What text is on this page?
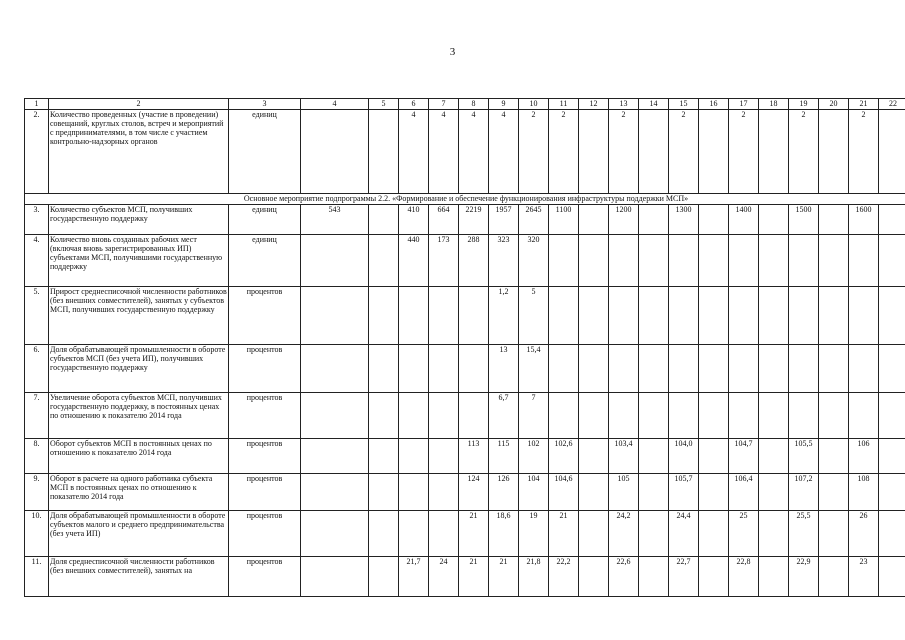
3
1	2	3	4	5	6	7	8	9	10	11	12	13	14	15	16	17	18	19	20	21	22
2.	Количество проведенных (участие в проведении) совещаний, круглых столов, встреч и мероприятий с предпринимателями, в том числе с участием контрольно-надзорных органов	единиц			4	4	4	4	2	2		2		2		2		2		2	
Основное мероприятие подпрограммы 2.2. «Формирование и обеспечение функционирования инфраструктуры поддержки МСП»																					
3.	Количество субъектов МСП, получивших государственную поддержку	единиц	543		410	664	2219	1957	2645	1100		1200		1300		1400		1500		1600	
4.	Количество вновь созданных рабочих мест (включая вновь зарегистрированных ИП) субъектами МСП, получившими государственную поддержку	единиц			440	173	288	323	320												
5.	Прирост среднесписочной численности работников (без внешних совместителей), занятых у субъектов МСП, получивших государственную поддержку	процентов						1,2	5												
6.	Доля обрабатывающей промышленности в обороте субъектов МСП (без учета ИП), получивших государственную поддержку	процентов						13	15,4												
7.	Увеличение оборота субъектов МСП, получивших государственную поддержку, в постоянных ценах по отношению к показателю 2014 года	процентов						6,7	7												
8.	Оборот субъектов МСП в постоянных ценах по отношению к показателю 2014 года	процентов					113	115	102	102,6		103,4		104,0		104,7		105,5		106	
9.	Оборот в расчете на одного работника субъекта МСП в постоянных ценах по отношению к показателю 2014 года	процентов					124	126	104	104,6		105		105,7		106,4		107,2		108	
10.	Доля обрабатывающей промышленности в обороте субъектов малого и среднего предпринимательства (без учета ИП)	процентов					21	18,6	19	21		24,2		24,4		25		25,5		26	
11.	Доля среднесписочной численности работников (без внешних совместителей), занятых на	процентов			21,7	24	21	21	21,8	22,2		22,6		22,7		22,8		22,9		23	
